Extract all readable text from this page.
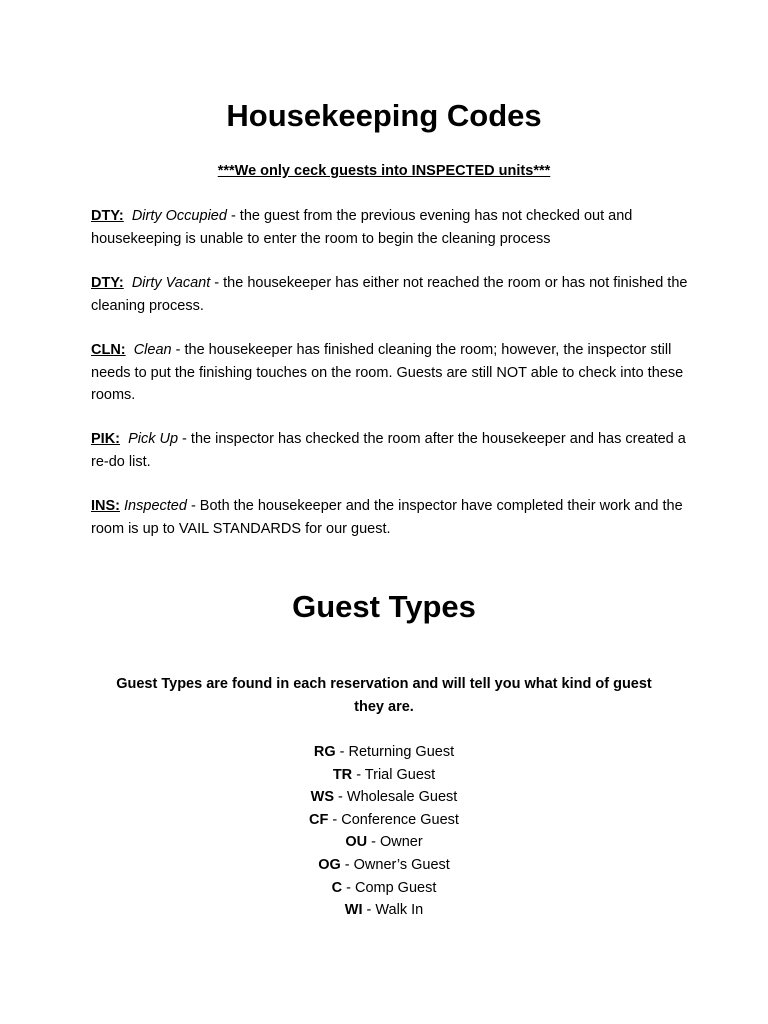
Housekeeping Codes

***We only ceck guests into INSPECTED units***

DTY: Dirty Occupied - the guest from the previous evening has not checked out and housekeeping is unable to enter the room to begin the cleaning process

DTY: Dirty Vacant - the housekeeper has either not reached the room or has not finished the cleaning process.

CLN: Clean - the housekeeper has finished cleaning the room; however, the inspector still needs to put the finishing touches on the room. Guests are still NOT able to check into these rooms.

PIK: Pick Up - the inspector has checked the room after the housekeeper and has created a re-do list.

INS: Inspected - Both the housekeeper and the inspector have completed their work and the room is up to VAIL STANDARDS for our guest.

Guest Types

Guest Types are found in each reservation and will tell you what kind of guest they are.

RG - Returning Guest
TR - Trial Guest
WS - Wholesale Guest
CF - Conference Guest
OU - Owner
OG - Owner’s Guest
C - Comp Guest
WI - Walk In
